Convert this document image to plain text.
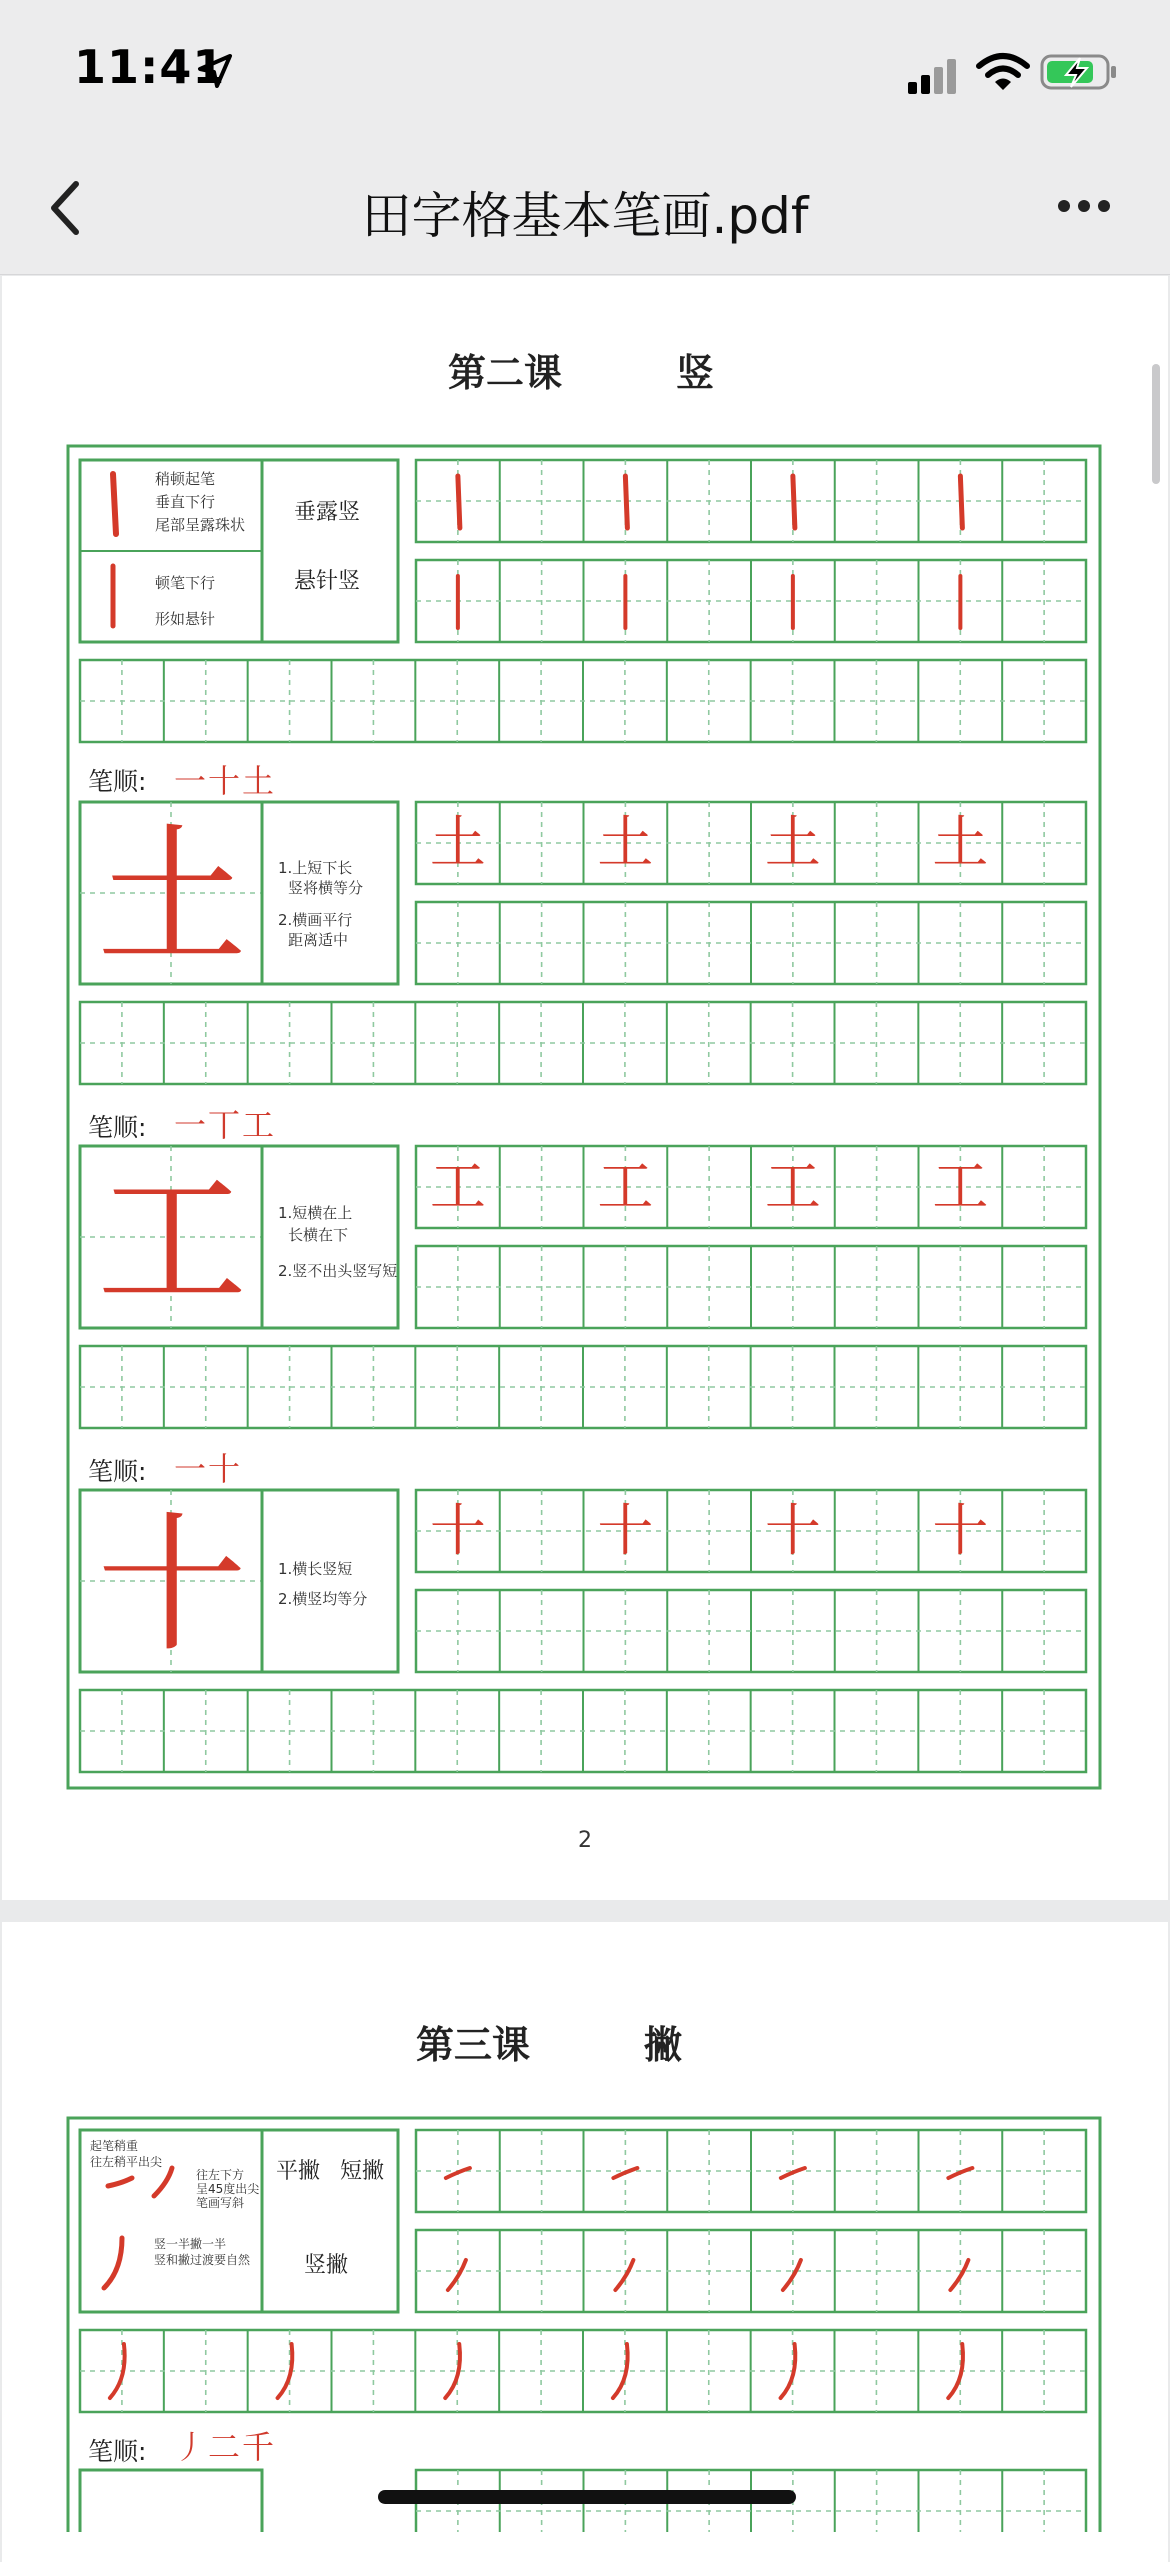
11:41
田字格基本笔画.pdf
第二课	竖
土 土 土 土
工 工 工 工
十 十 十 十
稍顿起笔
垂直下行
尾部呈露珠状
顿笔下行
形如悬针
垂露竖
悬针竖
笔顺: 一十土
笔顺: 一丅工
笔顺: 一十
土
工
十
1.上短下长
竖将横等分
2.横画平行
距离适中
1.短横在上
长横在下
2.竖不出头竖写短
1.横长竖短
2.横竖均等分
2
第三课	撇
起笔稍重
往左稍平出尖
往左下方
呈45度出尖
笔画写斜
竖一半撇一半
竖和撇过渡要自然
平撇 短撇
竖撇
笔顺: 丿二千
